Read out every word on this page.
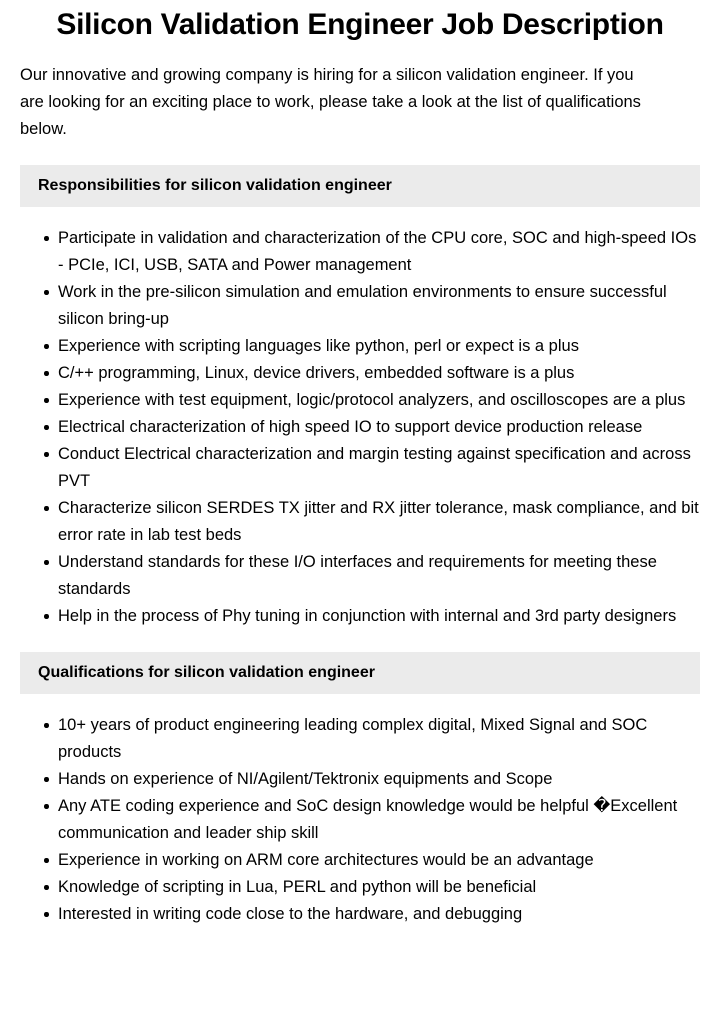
Silicon Validation Engineer Job Description

Our innovative and growing company is hiring for a silicon validation engineer. If you are looking for an exciting place to work, please take a look at the list of qualifications below.

Responsibilities for silicon validation engineer
Participate in validation and characterization of the CPU core, SOC and high-speed IOs - PCIe, ICI, USB, SATA and Power management
Work in the pre-silicon simulation and emulation environments to ensure successful silicon bring-up
Experience with scripting languages like python, perl or expect is a plus
C/++ programming, Linux, device drivers, embedded software is a plus
Experience with test equipment, logic/protocol analyzers, and oscilloscopes are a plus
Electrical characterization of high speed IO to support device production release
Conduct Electrical characterization and margin testing against specification and across PVT
Characterize silicon SERDES TX jitter and RX jitter tolerance, mask compliance, and bit error rate in lab test beds
Understand standards for these I/O interfaces and requirements for meeting these standards
Help in the process of Phy tuning in conjunction with internal and 3rd party designers
Qualifications for silicon validation engineer
10+ years of product engineering leading complex digital, Mixed Signal and SOC products
Hands on experience of NI/Agilent/Tektronix equipments and Scope
Any ATE coding experience and SoC design knowledge would be helpful �Excellent communication and leader ship skill
Experience in working on ARM core architectures would be an advantage
Knowledge of scripting in Lua, PERL and python will be beneficial
Interested in writing code close to the hardware, and debugging
